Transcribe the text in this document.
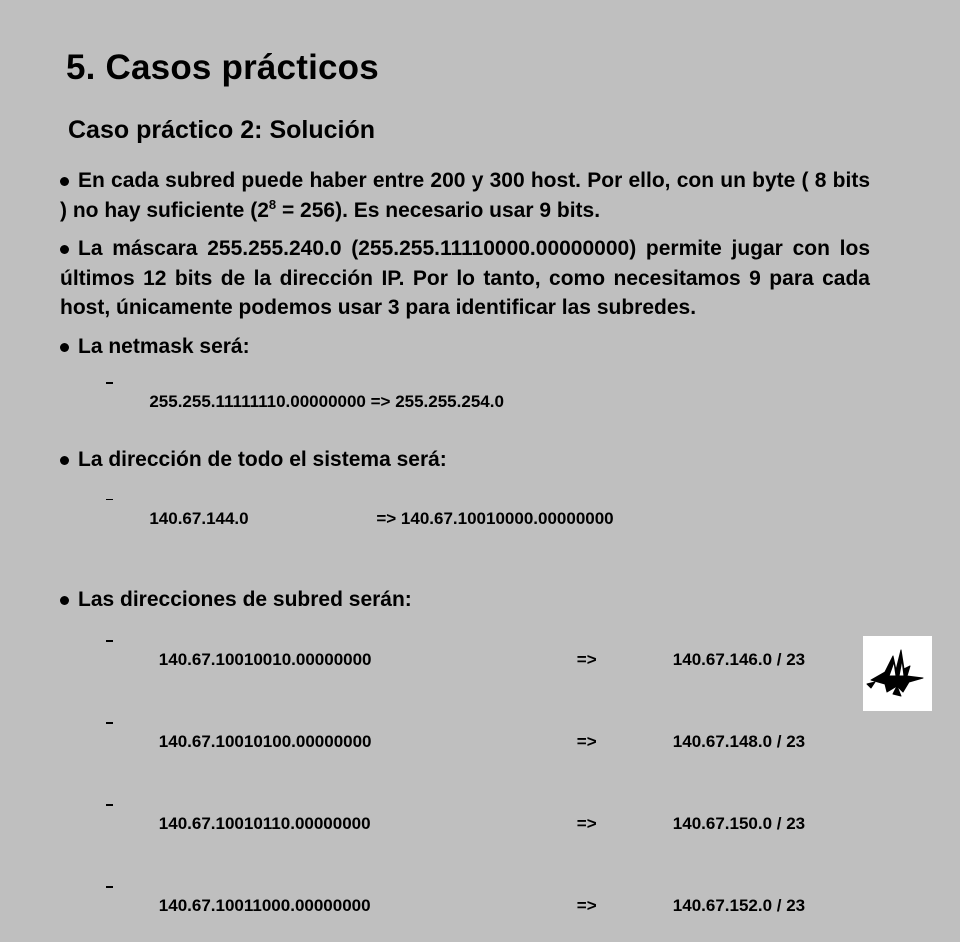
5. Casos prácticos
Caso práctico 2: Solución
En cada subred puede haber entre 200 y 300 host. Por ello, con un byte ( 8 bits ) no hay suficiente $(2^8 = 256)$. Es necesario usar 9 bits.
La máscara 255.255.240.0 (255.255.11110000.00000000) permite jugar con los últimos 12 bits de la dirección IP. Por lo tanto, como necesitamos 9 para cada host, únicamente podemos usar 3 para identificar las subredes.
La netmask será:

255.255.11111110.00000000 => 255.255.254.0

La dirección de todo el sistema será:

140.67.144.0	=> 140.67.10010000.00000000

Las direcciones de subred serán:

140.67.10010010.00000000	=>	140.67.146.0 / 23

140.67.10010100.00000000	=>	140.67.148.0 / 23

140.67.10010110.00000000	=>	140.67.150.0 / 23

140.67.10011000.00000000	=>	140.67.152.0 / 23
